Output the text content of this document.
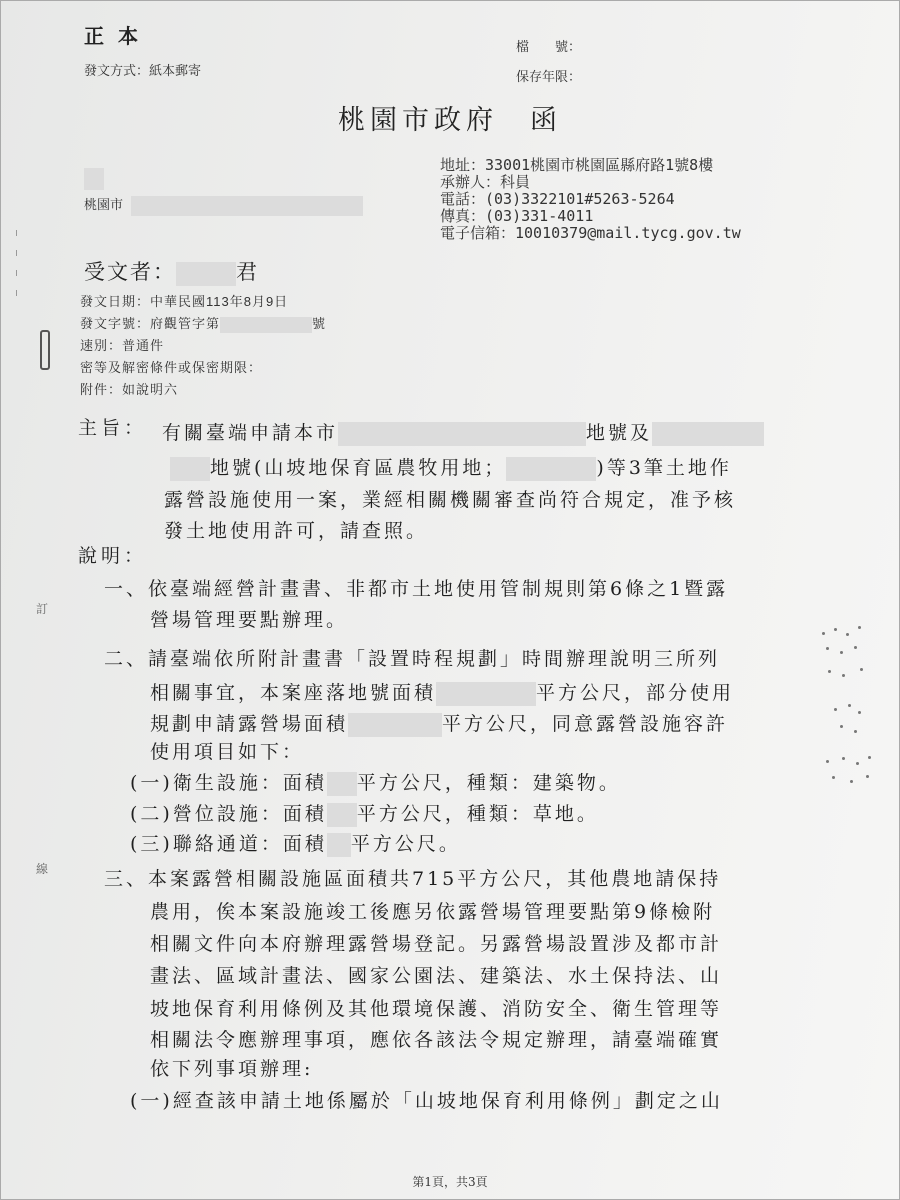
正本
發文方式：紙本郵寄
檔　　號：
保存年限：
桃園市政府　函
地址：33001桃園市桃園區縣府路1號8樓
承辦人：科員
電話：(03)3322101#5263-5264
傳真：(03)331-4011
電子信箱：10010379@mail.tycg.gov.tw
桃園市
受文者：	君
發文日期：中華民國113年8月9日
發文字號：府觀管字第	號
速別：普通件
密等及解密條件或保密期限：
附件：如說明六
主旨： 有關臺端申請本市	地號及
地號(山坡地保育區農牧用地；	)等3筆土地作
露營設施使用一案，業經相關機關審查尚符合規定，准予核
發土地使用許可，請查照。
說明：
一、依臺端經營計畫書、非都市土地使用管制規則第6條之1暨露
營場管理要點辦理。
二、請臺端依所附計畫書「設置時程規劃」時間辦理說明三所列
相關事宜，本案座落地號面積	平方公尺，部分使用
規劃申請露營場面積	平方公尺，同意露營設施容許
使用項目如下：
(一)衛生設施：面積 平方公尺，種類：建築物。
(二)營位設施：面積 平方公尺，種類：草地。
(三)聯絡通道：面積 平方公尺。
三、本案露營相關設施區面積共715平方公尺，其他農地請保持
農用，俟本案設施竣工後應另依露營場管理要點第9條檢附
相關文件向本府辦理露營場登記。另露營場設置涉及都市計
畫法、區域計畫法、國家公園法、建築法、水土保持法、山
坡地保育利用條例及其他環境保護、消防安全、衛生管理等
相關法令應辦理事項，應依各該法令規定辦理，請臺端確實
依下列事項辦理:
(一)經查該申請土地係屬於「山坡地保育利用條例」劃定之山
訂
線
第1頁，共3頁
